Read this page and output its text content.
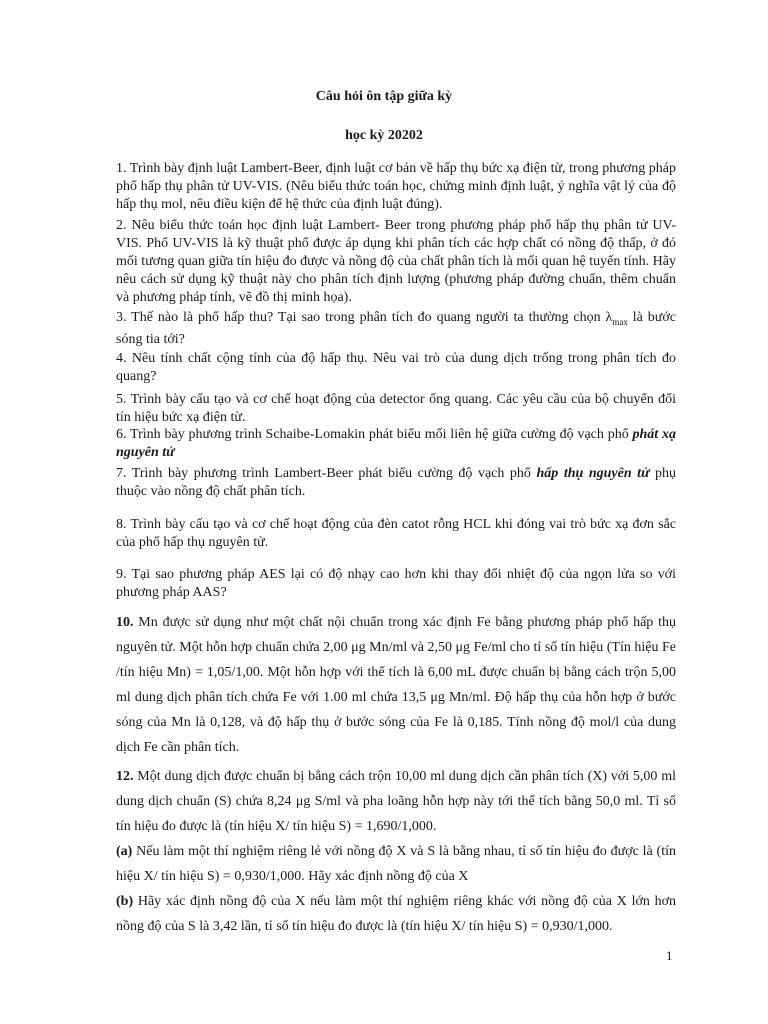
Câu hỏi ôn tập giữa kỳ
học kỳ 20202
1. Trình bày định luật Lambert-Beer, định luật cơ bản về hấp thụ bức xạ điện từ, trong phương pháp phổ hấp thụ phân tử UV-VIS. (Nêu biểu thức toán học, chứng minh định luật, ý nghĩa vật lý của độ hấp thụ mol, nêu điều kiện để hệ thức của định luật đúng).
2. Nêu biểu thức toán học định luật Lambert- Beer trong phương pháp phổ hấp thụ phân tử UV-VIS. Phổ UV-VIS là kỹ thuật phổ được áp dụng khi phân tích các hợp chất có nồng độ thấp, ở đó mối tương quan giữa tín hiệu đo được và nồng độ của chất phân tích là mối quan hệ tuyến tính. Hãy nêu cách sử dụng kỹ thuật này cho phân tích định lượng (phương pháp đường chuẩn, thêm chuẩn và phương pháp tính, vẽ đồ thị minh họa).
3. Thế nào là phổ hấp thu? Tại sao trong phân tích đo quang người ta thường chọn $\lambda_{max}$ là bước sóng tia tới?
4. Nêu tính chất cộng tính của độ hấp thụ. Nêu vai trò của dung dịch trống trong phân tích đo quang?
5. Trình bày cấu tạo và cơ chế hoạt động của detector ống quang. Các yêu cầu của bộ chuyển đổi tín hiệu bức xạ điện từ.
6. Trình bày phương trình Schaibe-Lomakin phát biểu mối liên hệ giữa cường độ vạch phổ phát xạ nguyên tử
7. Trình bày phương trình Lambert-Beer phát biểu cường độ vạch phổ hấp thụ nguyên tử phụ thuộc vào nồng độ chất phân tích.
8. Trình bày cấu tạo và cơ chế hoạt động của đèn catot rỗng HCL khi đóng vai trò bức xạ đơn sắc của phổ hấp thụ nguyên tử.
9. Tại sao phương pháp AES lại có độ nhạy cao hơn khi thay đổi nhiệt độ của ngọn lửa so với phương pháp AAS?
10. Mn được sử dụng như một chất nội chuẩn trong xác định Fe bằng phương pháp phổ hấp thụ nguyên tử. Một hỗn hợp chuẩn chứa 2,00 μg Mn/ml và 2,50 μg Fe/ml cho tỉ số tín hiệu (Tín hiệu Fe /tín hiệu Mn) = 1,05/1,00. Một hỗn hợp với thể tích là 6,00 mL được chuẩn bị bằng cách trộn 5,00 ml dung dịch phân tích chứa Fe với 1.00 ml chứa 13,5 μg Mn/ml. Độ hấp thụ của hỗn hợp ở bước sóng của Mn là 0,128, và độ hấp thụ ở bước sóng của Fe là 0,185. Tính nồng độ mol/l của dung dịch Fe cần phân tích.
12. Một dung dịch được chuẩn bị bằng cách trộn 10,00 ml dung dịch cần phân tích (X) với 5,00 ml dung dịch chuẩn (S) chứa 8,24 μg S/ml và pha loãng hỗn hợp này tới thể tích bằng 50,0 ml. Tỉ số tín hiệu đo được là (tín hiệu X/ tín hiệu S) = 1,690/1,000.
(a) Nếu làm một thí nghiệm riêng lẻ với nồng độ X và S là bằng nhau, tỉ số tín hiệu đo được là (tín hiệu X/ tín hiệu S) = 0,930/1,000. Hãy xác định nồng độ của X
(b) Hãy xác định nồng độ của X nếu làm một thí nghiệm riêng khác với nồng độ của X lớn hơn nồng độ của S là 3,42 lần, tỉ số tín hiệu đo được là (tín hiệu X/ tín hiệu S) = 0,930/1,000.
1
